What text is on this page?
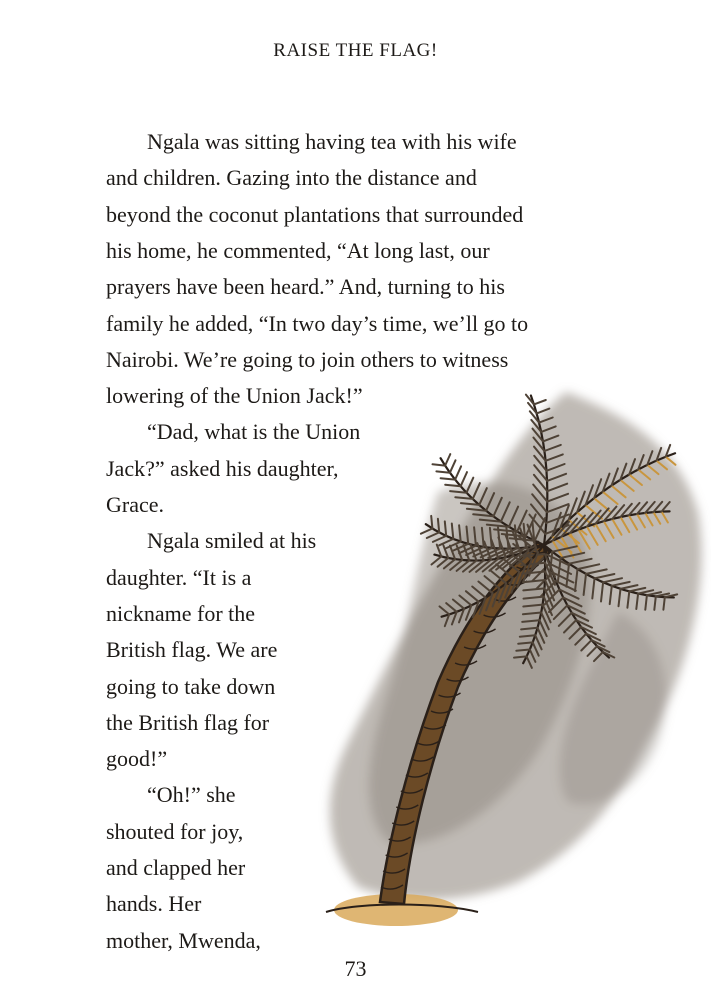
RAISE THE FLAG!
Ngala was sitting having tea with his wife
and children. Gazing into the distance and
beyond the coconut plantations that surrounded
his home, he commented, “At long last, our
prayers have been heard.” And, turning to his
family he added, “In two day’s time, we’ll go to
Nairobi. We’re going to join others to witness
lowering of the Union Jack!”
“Dad, what is the Union
Jack?” asked his daughter,
Grace.
Ngala smiled at his
daughter. “It is a
nickname for the
British flag. We are
going to take down
the British flag for
good!”
“Oh!” she
shouted for joy,
and clapped her
hands. Her
mother, Mwenda,
73
